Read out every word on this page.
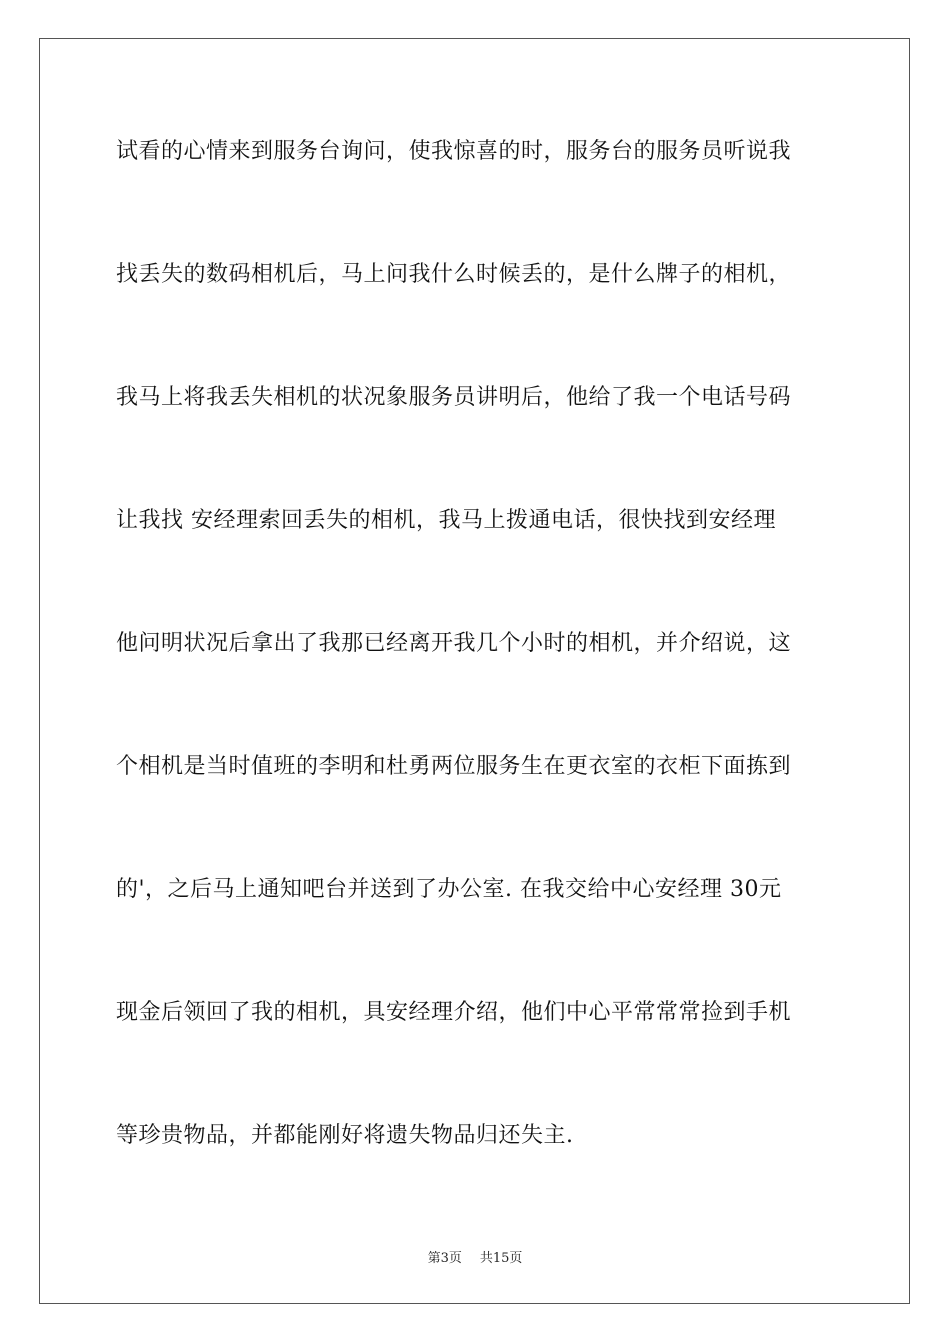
试看的心情来到服务台询问，使我惊喜的时，服务台的服务员听说我
找丢失的数码相机后，马上问我什么时候丢的，是什么牌子的相机，
我马上将我丢失相机的状况象服务员讲明后，他给了我一个电话号码
让我找 安经理索回丢失的相机，我马上拨通电话，很快找到安经理
他问明状况后拿出了我那已经离开我几个小时的相机，并介绍说，这
个相机是当时值班的李明和杜勇两位服务生在更衣室的衣柜下面拣到
的'，之后马上通知吧台并送到了办公室. 在我交给中心安经理 30元
现金后领回了我的相机，具安经理介绍，他们中心平常常常捡到手机
等珍贵物品，并都能刚好将遗失物品归还失主.
第3页 共15页
